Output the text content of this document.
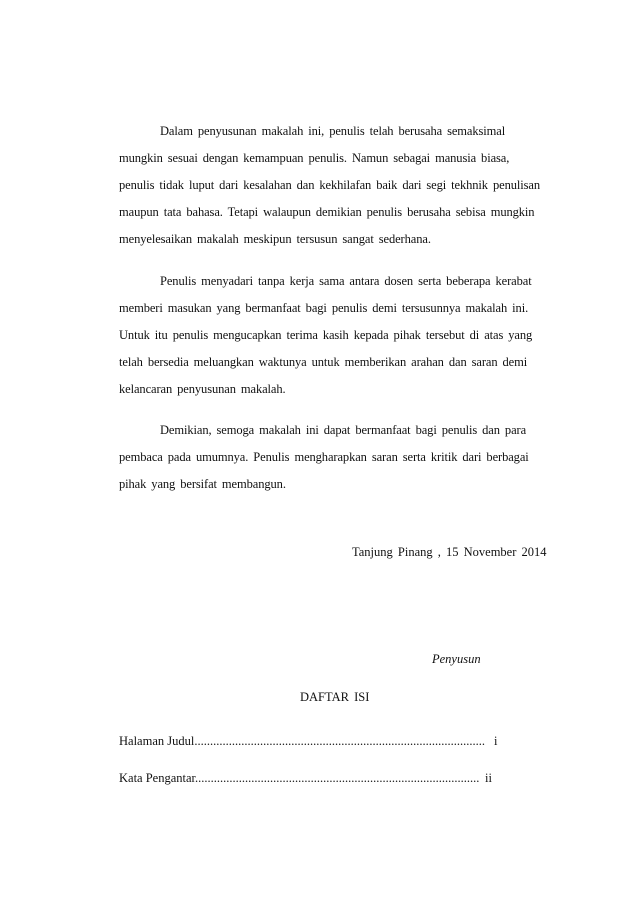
Dalam penyusunan makalah ini, penulis telah berusaha semaksimal
mungkin sesuai dengan kemampuan penulis. Namun sebagai manusia biasa,
penulis tidak luput dari kesalahan dan kekhilafan baik dari segi tekhnik penulisan
maupun tata bahasa. Tetapi walaupun demikian penulis berusaha sebisa mungkin
menyelesaikan makalah meskipun tersusun sangat sederhana.
Penulis menyadari tanpa kerja sama antara dosen serta beberapa kerabat
memberi masukan yang bermanfaat bagi penulis demi tersusunnya makalah ini.
Untuk itu penulis mengucapkan terima kasih kepada pihak tersebut di atas yang
telah bersedia meluangkan waktunya untuk memberikan arahan dan saran demi
kelancaran penyusunan makalah.
Demikian, semoga makalah ini dapat bermanfaat bagi penulis dan para
pembaca pada umumnya. Penulis mengharapkan saran serta kritik dari berbagai
pihak yang bersifat membangun.
Tanjung Pinang , 15 November 2014
Penyusun
DAFTAR ISI
Halaman Judul............................................................................................. i
Kata Pengantar........................................................................................... ii
